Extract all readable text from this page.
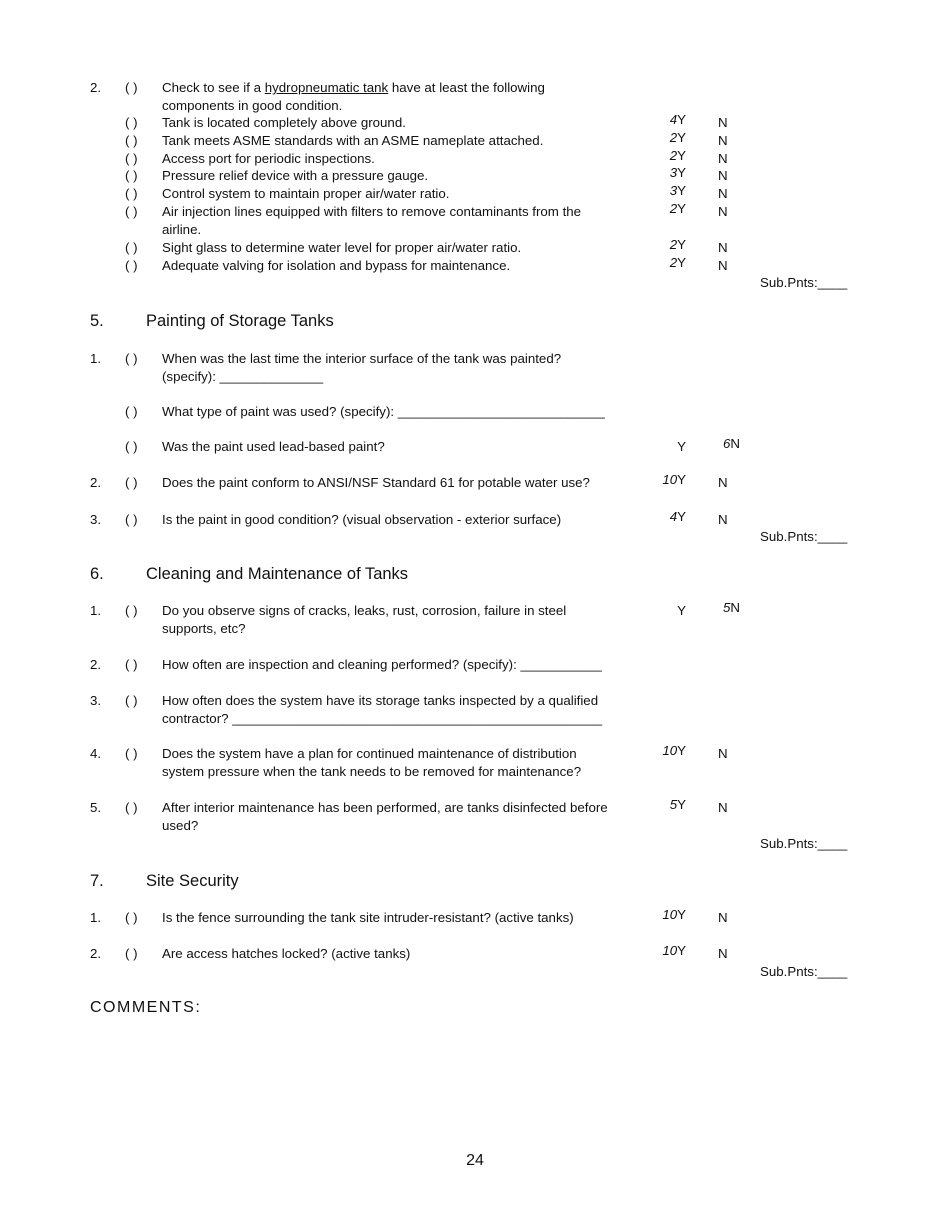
2. ( ) Check to see if a hydropneumatic tank have at least the following
components in good condition.
( ) Tank is located completely above ground.	4Y N
( ) Tank meets ASME standards with an ASME nameplate attached.	2Y N
( ) Access port for periodic inspections.	2Y N
( ) Pressure relief device with a pressure gauge.	3Y N
( ) Control system to maintain proper air/water ratio.	3Y N
( ) Air injection lines equipped with filters to remove contaminants from the
airline.
2Y N
( ) Sight glass to determine water level for proper air/water ratio.	2Y N
( ) Adequate valving for isolation and bypass for maintenance.	2Y N
Sub.Pnts:____
5.	Painting of Storage Tanks
1. ( ) When was the last time the interior surface of the tank was painted?
(specify): ______________
( ) What type of paint was used? (specify): ____________________________
( ) Was the paint used lead-based paint?	Y	6N
2. ( ) Does the paint conform to ANSI/NSF Standard 61 for potable water use?	10Y N
3. ( ) Is the paint in good condition? (visual observation - exterior surface)	4Y N
Sub.Pnts:____
6.	Cleaning and Maintenance of Tanks
1. ( ) Do you observe signs of cracks, leaks, rust, corrosion, failure in steel
supports, etc?
Y	5N
2. ( ) How often are inspection and cleaning performed? (specify): ___________
3. ( ) How often does the system have its storage tanks inspected by a qualified
contractor? __________________________________________________
4. ( ) Does the system have a plan for continued maintenance of distribution
system pressure when the tank needs to be removed for maintenance?
10Y N
5. ( ) After interior maintenance has been performed, are tanks disinfected before
used?
5Y N
Sub.Pnts:____
7.	Site Security
1. ( ) Is the fence surrounding the tank site intruder-resistant? (active tanks)	10Y N
2. ( ) Are access hatches locked? (active tanks)	10Y N
Sub.Pnts:____
COMMENTS:
24
